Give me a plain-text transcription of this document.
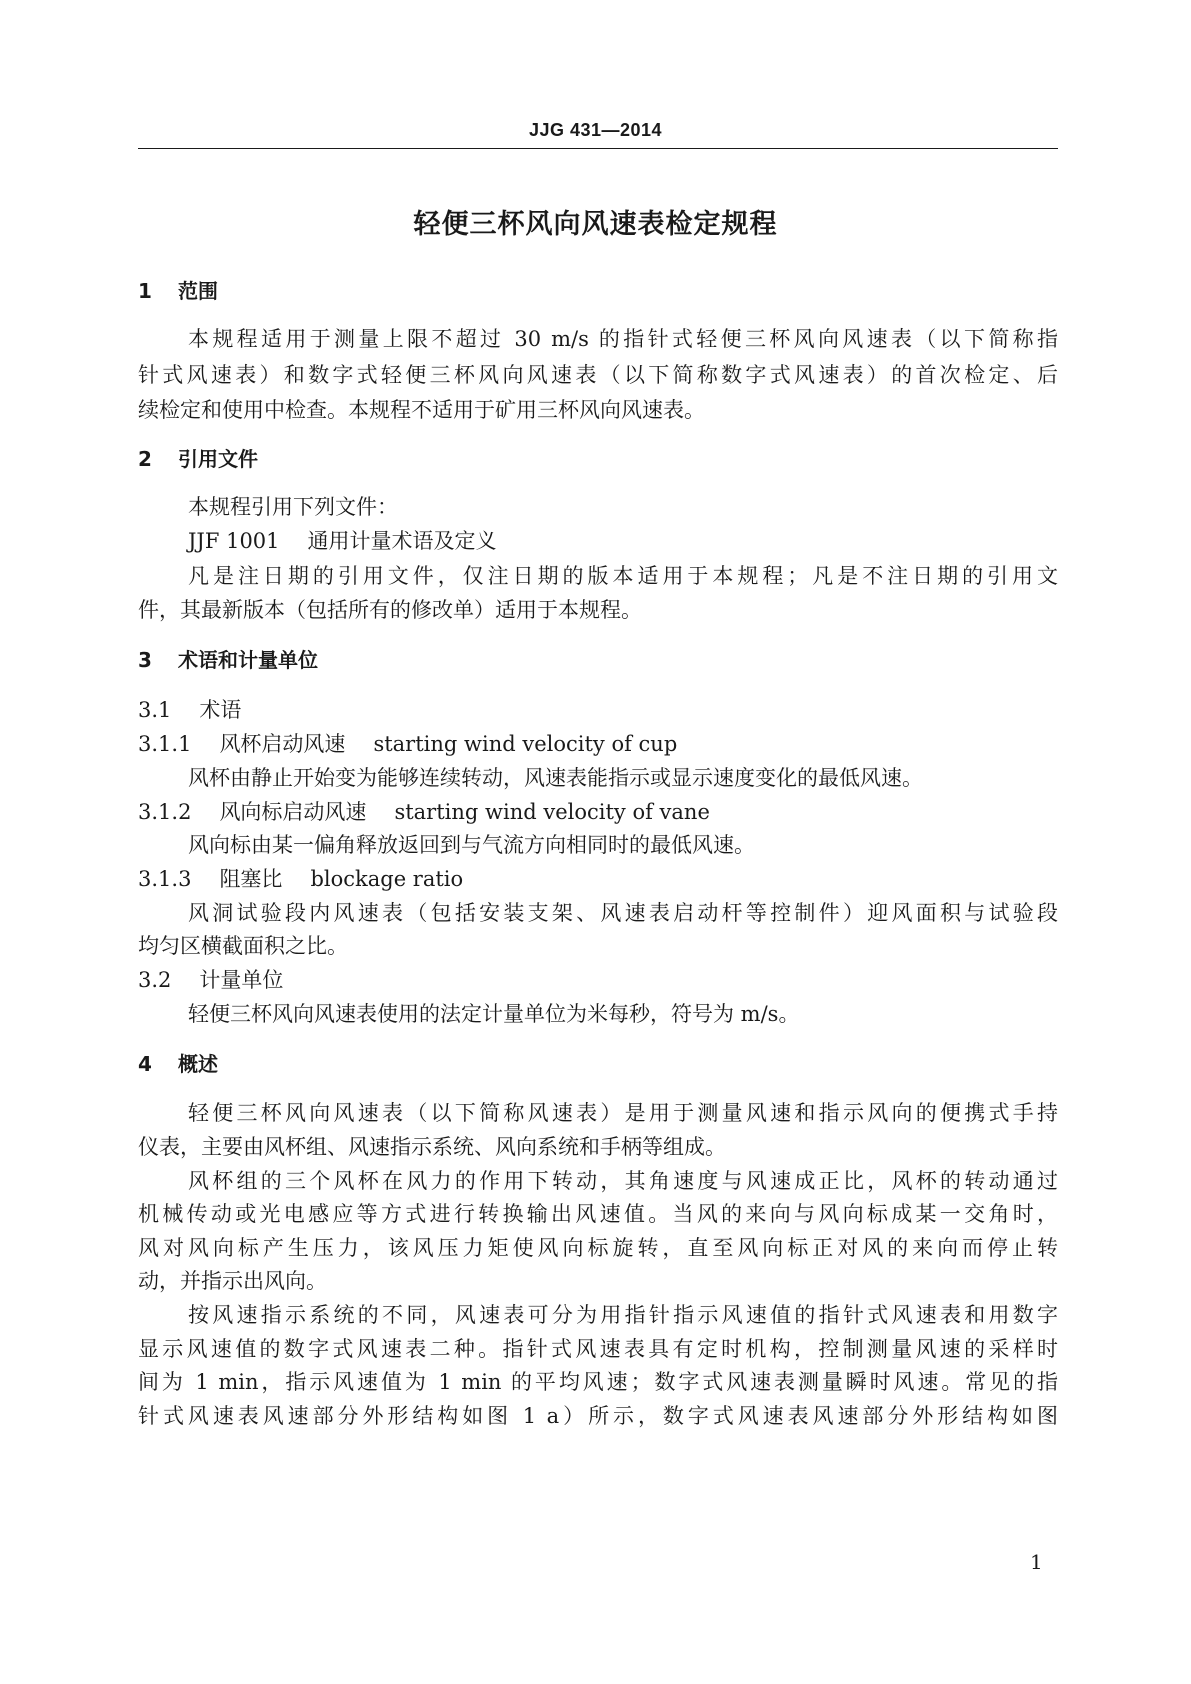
JJG 431—2014
轻便三杯风向风速表检定规程
1 范围
本规程适用于测量上限不超过 30 m/s 的指针式轻便三杯风向风速表（以下简称指
针式风速表）和数字式轻便三杯风向风速表（以下简称数字式风速表）的首次检定、后
续检定和使用中检查。本规程不适用于矿用三杯风向风速表。
2 引用文件
本规程引用下列文件：
JJF 1001 通用计量术语及定义
凡是注日期的引用文件，仅注日期的版本适用于本规程；凡是不注日期的引用文
件，其最新版本（包括所有的修改单）适用于本规程。
3 术语和计量单位
3.1 术语
3.1.1 风杯启动风速 starting wind velocity of cup
风杯由静止开始变为能够连续转动，风速表能指示或显示速度变化的最低风速。
3.1.2 风向标启动风速 starting wind velocity of vane
风向标由某一偏角释放返回到与气流方向相同时的最低风速。
3.1.3 阻塞比 blockage ratio
风洞试验段内风速表（包括安装支架、风速表启动杆等控制件）迎风面积与试验段
均匀区横截面积之比。
3.2 计量单位
轻便三杯风向风速表使用的法定计量单位为米每秒，符号为 m/s。
4 概述
轻便三杯风向风速表（以下简称风速表）是用于测量风速和指示风向的便携式手持
仪表，主要由风杯组、风速指示系统、风向系统和手柄等组成。
风杯组的三个风杯在风力的作用下转动，其角速度与风速成正比，风杯的转动通过
机械传动或光电感应等方式进行转换输出风速值。当风的来向与风向标成某一交角时，
风对风向标产生压力，该风压力矩使风向标旋转，直至风向标正对风的来向而停止转
动，并指示出风向。
按风速指示系统的不同，风速表可分为用指针指示风速值的指针式风速表和用数字
显示风速值的数字式风速表二种。指针式风速表具有定时机构，控制测量风速的采样时
间为 1 min，指示风速值为 1 min 的平均风速；数字式风速表测量瞬时风速。常见的指
针式风速表风速部分外形结构如图 1 a）所示，数字式风速表风速部分外形结构如图
1
